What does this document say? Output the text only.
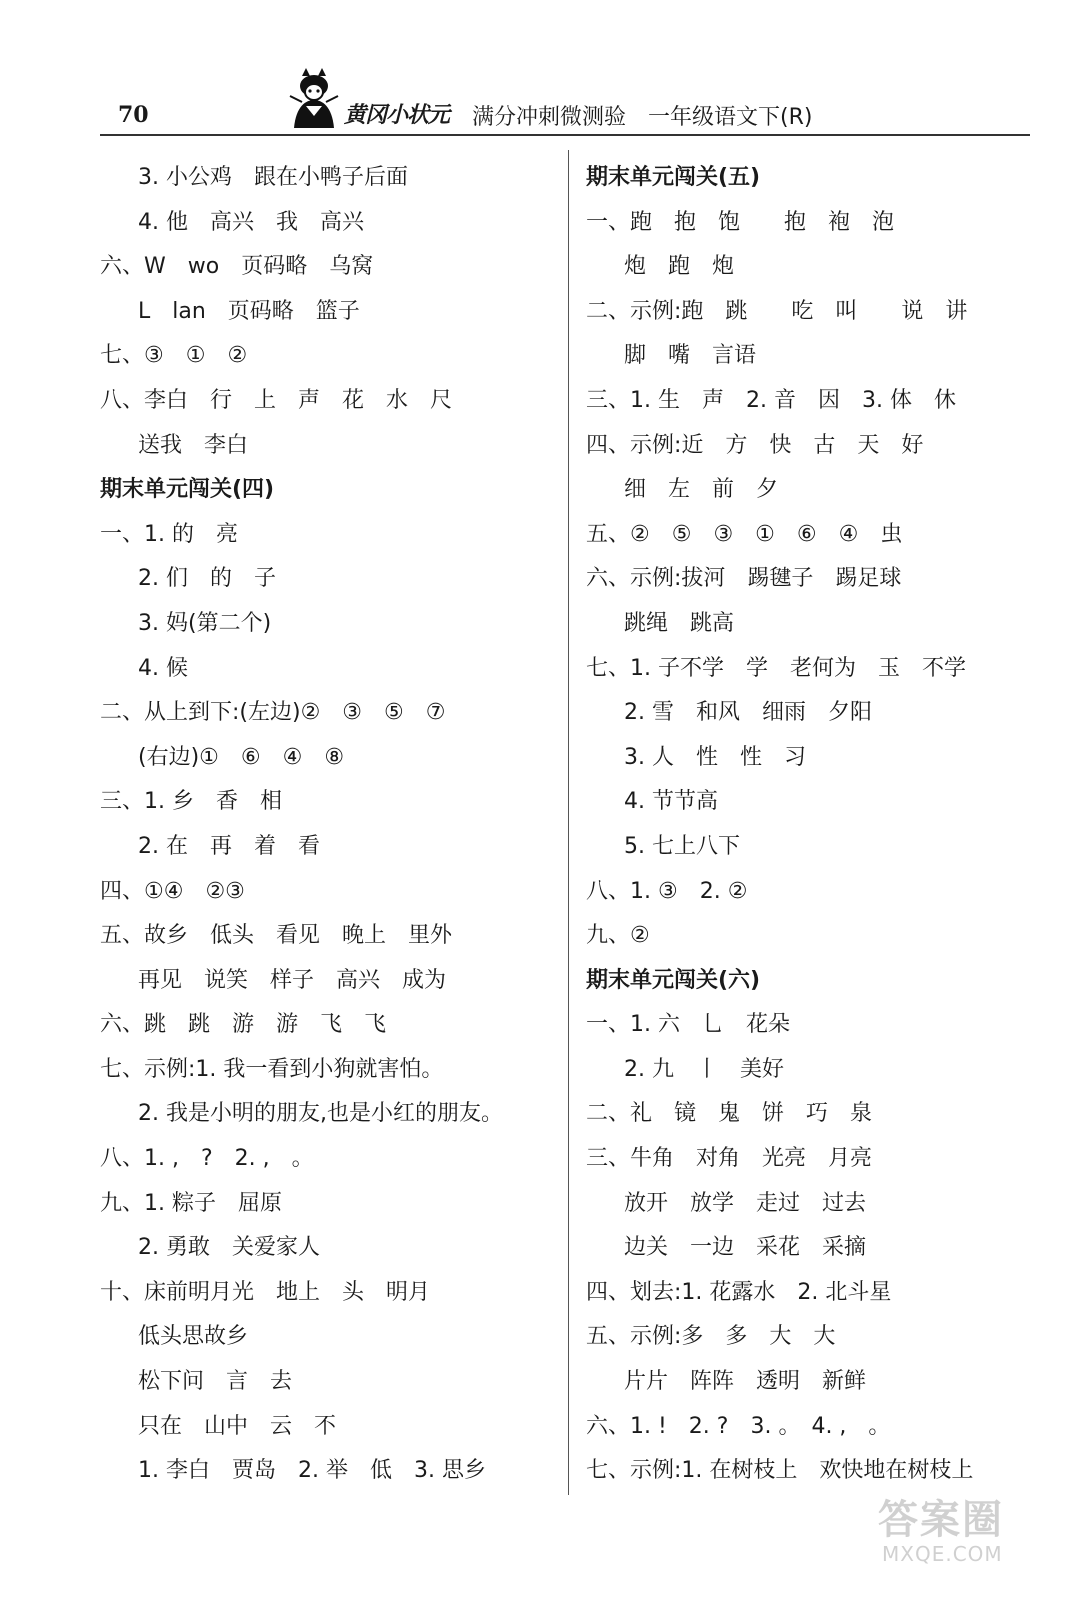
70	黄冈小状元 满分冲刺微测验　一年级语文下(R)
3. 小公鸡　跟在小鸭子后面
4. 他　高兴　我　高兴
六、W　wo　页码略　乌窝
L　lan　页码略　篮子
七、③　①　②
八、李白　行　上　声　花　水　尺
送我　李白
期末单元闯关(四)
一、1. 的　亮
2. 们　的　子
3. 妈(第二个)
4. 候
二、从上到下:(左边)②　③　⑤　⑦
(右边)①　⑥　④　⑧
三、1. 乡　香　相
2. 在　再　着　看
四、①④　②③
五、故乡　低头　看见　晚上　里外
再见　说笑　样子　高兴　成为
六、跳　跳　游　游　飞　飞
七、示例:1. 我一看到小狗就害怕。
2. 我是小明的朋友,也是小红的朋友。
八、1. ,　?　2. ,　。
九、1. 粽子　屈原
2. 勇敢　关爱家人
十、床前明月光　地上　头　明月
低头思故乡
松下问　言　去
只在　山中　云　不
1. 李白　贾岛　2. 举　低　3. 思乡
期末单元闯关(五)
一、跑　抱　饱　　抱　袍　泡
炮　跑　炮
二、示例:跑　跳　　吃　叫　　说　讲
脚　嘴　言语
三、1. 生　声　2. 音　因　3. 体　休
四、示例:近　方　快　古　天　好
细　左　前　夕
五、②　⑤　③　①　⑥　④　虫
六、示例:拔河　踢毽子　踢足球
跳绳　跳高
七、1. 子不学　学　老何为　玉　不学
2. 雪　和风　细雨　夕阳
3. 人　性　性　习
4. 节节高
5. 七上八下
八、1. ③　2. ②
九、②
期末单元闯关(六)
一、1. 六　乚　花朵
2. 九　丨　美好
二、礼　镜　鬼　饼　巧　泉
三、牛角　对角　光亮　月亮
放开　放学　走过　过去
边关　一边　采花　采摘
四、划去:1. 花露水　2. 北斗星
五、示例:多　多　大　大
片片　阵阵　透明　新鲜
六、1. !　2. ?　3. 。　4. ,　。
七、示例:1. 在树枝上　欢快地在树枝上
答案圈
MXQE.COM
